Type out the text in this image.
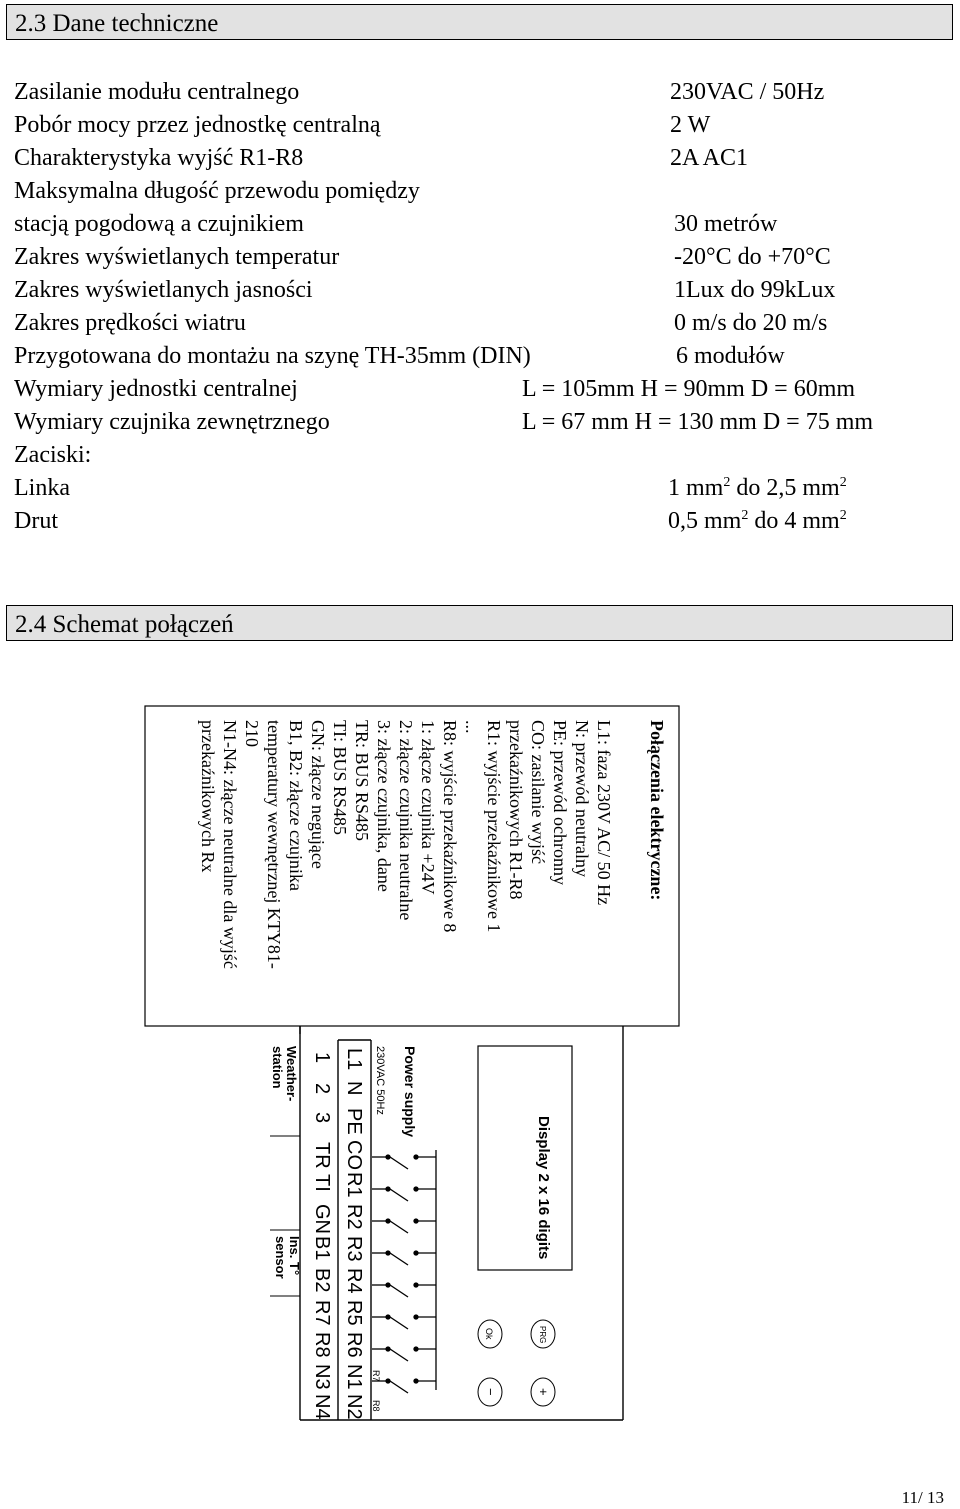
2.3 Dane techniczne
Zasilanie modułu centralnego	230VAC / 50Hz
Pobór mocy przez jednostkę centralną	2 W
Charakterystyka wyjść R1-R8	2A AC1
Maksymalna długość przewodu pomiędzy
stacją pogodową a czujnikiem	30 metrów
Zakres wyświetlanych temperatur	-20°C do +70°C
Zakres wyświetlanych jasności	1Lux do 99kLux
Zakres prędkości wiatru	0 m/s do 20 m/s
Przygotowana do montażu na szynę TH-35mm (DIN)	6 modułów
Wymiary jednostki centralnej	L = 105mm H = 90mm D = 60mm
Wymiary czujnika zewnętrznego	L = 67 mm H = 130 mm D = 75 mm
Zaciski:
Linka	1 $mm^2$ do 2,5 $mm^2$
Drut	0,5 $mm^2$ do 4 $mm^2$
2.4 Schemat połączeń
Połączenia elektryczne:
L1: faza 230V AC/ 50 Hz
N: przewód neutralny
PE: przewód ochronny
CO: zasilanie wyjść
przekaźnikowych R1-R8
R1: wyjście przekaźnikowe 1
...
R8: wyjście przekaźnikowe 8
1: złącze czujnika +24V
2: złącze czujnika neutralne
3: złącze czujnika, dane
TR: BUS RS485
TI: BUS RS485
GN: złącze negujące
B1, B2: złącze czujnika
temperatury wewnętrznej KTY81-
210
N1-N4: złącze neutralne dla wyjść
przekaźnikowych Rx
Display 2 x 16 digits
Power supply
230VAC 50Hz
Weather-
station
Ins. T°
sensor
L1
N
PE
CO
R1
R2
R3
R4
R5
R6
N1
N2
1
2
3
TR
TI
GN
B1
B2
R7
R8
N3
N4
R7
R8
PRG
Ok
+
−
11/ 13
